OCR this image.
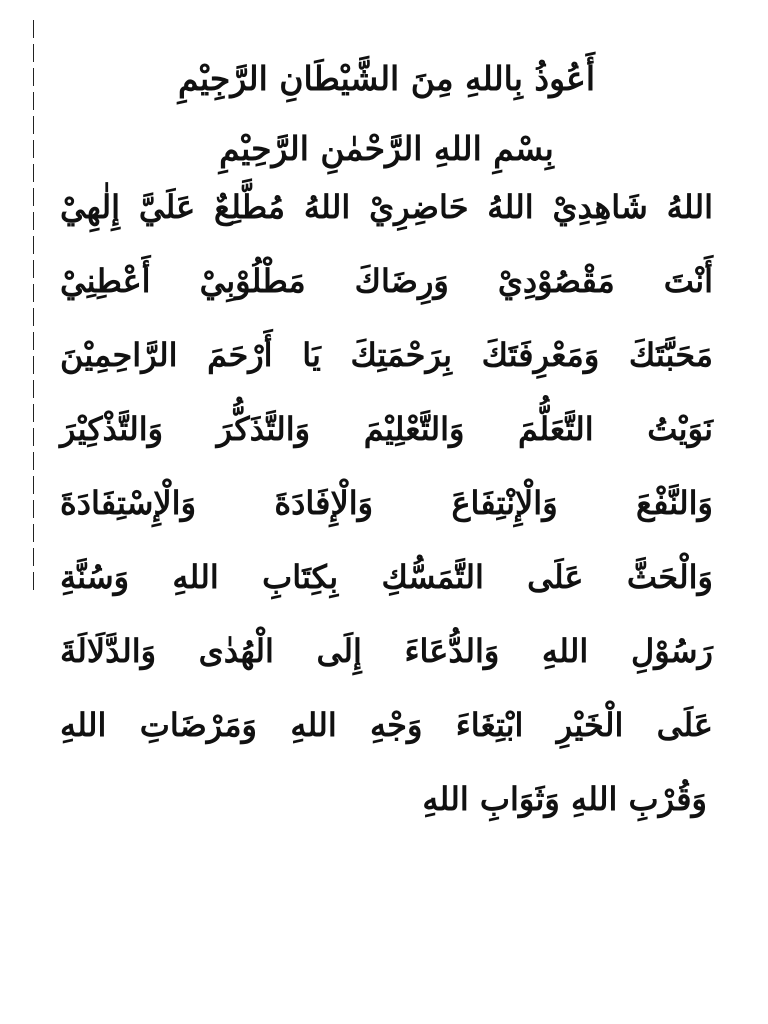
أَعُوذُ بِاللهِ مِنَ الشَّيْطَانِ الرَّجِيْمِ

بِسْمِ اللهِ الرَّحْمٰنِ الرَّحِيْمِ

اللهُ شَاهِدِيْ اللهُ حَاضِرِيْ اللهُ مُطَّلِعٌ عَلَيَّ إِلٰهِيْ

أَنْتَ مَقْصُوْدِيْ وَرِضَاكَ مَطْلُوْبِيْ أَعْطِنِيْ

مَحَبَّتَكَ وَمَعْرِفَتَكَ بِرَحْمَتِكَ يَا أَرْحَمَ الرَّاحِمِيْنَ

نَوَيْتُ التَّعَلُّمَ وَالتَّعْلِيْمَ وَالتَّذَكُّرَ وَالتَّذْكِيْرَ

وَالنَّفْعَ وَالْإِنْتِفَاعَ وَالْإِفَادَةَ وَالْإِسْتِفَادَةَ

وَالْحَثَّ عَلَى التَّمَسُّكِ بِكِتَابِ اللهِ وَسُنَّةِ

رَسُوْلِ اللهِ وَالدُّعَاءَ إِلَى الْهُدٰى وَالدَّلَالَةَ

عَلَى الْخَيْرِ ابْتِغَاءَ وَجْهِ اللهِ وَمَرْضَاتِ اللهِ

وَقُرْبِ اللهِ وَثَوَابِ اللهِ
